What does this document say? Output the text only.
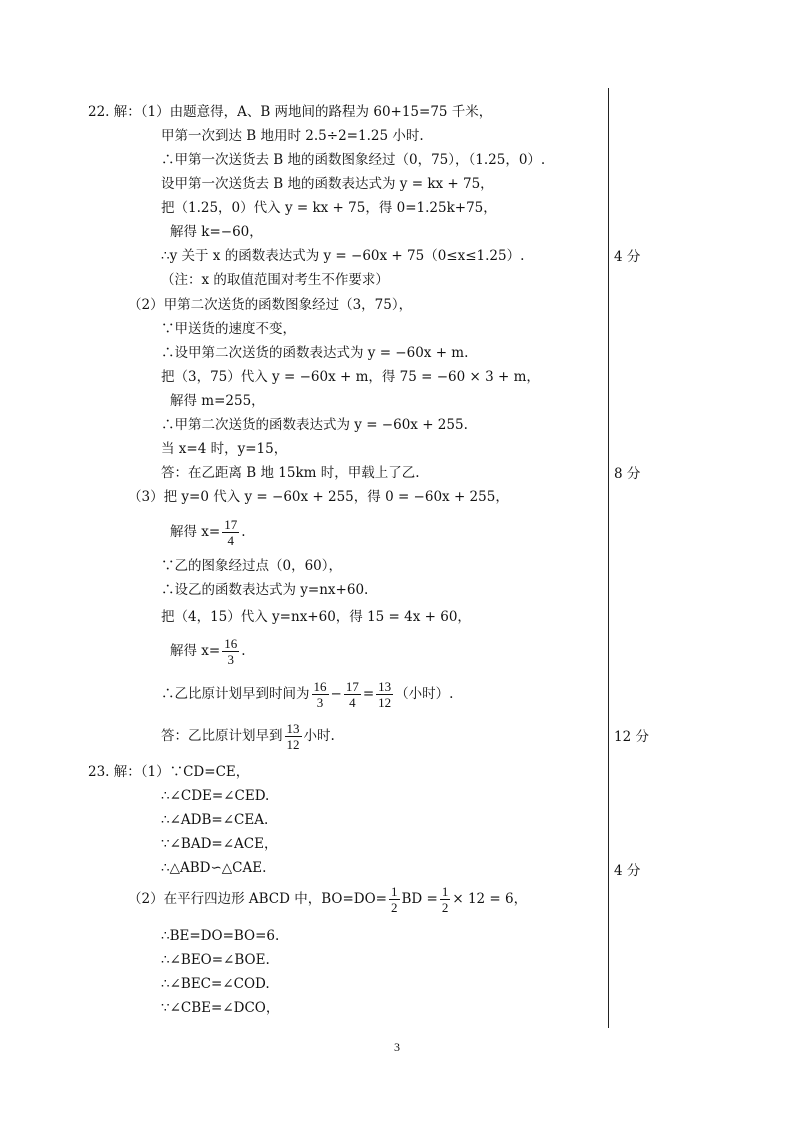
22. 解：（1）由题意得，A、B 两地间的路程为 60+15=75 千米，
甲第一次到达 B 地用时 2.5÷2=1.25 小时.
∴甲第一次送货去 B 地的函数图象经过（0，75），（1.25，0）.
设甲第一次送货去 B 地的函数表达式为 y = kx + 75，
把（1.25，0）代入 y = kx + 75，得 0=1.25k+75，
解得 k=−60，
∴y 关于 x 的函数表达式为 y = −60x + 75（0≤x≤1.25）.
（注：x 的取值范围对考生不作要求）
（2）甲第二次送货的函数图象经过（3，75），
∵甲送货的速度不变，
∴设甲第二次送货的函数表达式为 y = −60x + m.
把（3，75）代入 y = −60x + m，得 75 = −60 × 3 + m，
解得 m=255，
∴甲第二次送货的函数表达式为 y = −60x + 255.
当 x=4 时，y=15，
答：在乙距离 B 地 15km 时，甲载上了乙.
（3）把 y=0 代入 y = −60x + 255，得 0 = −60x + 255，
解得 $x= \frac{17}{4}$ .
∵乙的图象经过点（0，60），
∴设乙的函数表达式为 y=nx+60.
把（4，15）代入 y=nx+60，得 15 = 4x + 60，
解得 $x= \frac{16}{3}$ .
∴乙比原计划早到时间为 $\frac{16}{3} - \frac{17}{4} = \frac{13}{12}$ （小时）.
答：乙比原计划早到 $\frac{13}{12}$ 小时.
23. 解：（1）∵CD=CE，
∴∠CDE=∠CED.
∴∠ADB=∠CEA.
∵∠BAD=∠ACE，
∴△ABD∽△CAE.
（2）在平行四边形 ABCD 中，$BO=DO= \frac{1}{2}$ BD = $\frac{1}{2} \times 12 = 6$，
∴BE=DO=BO=6.
∴∠BEO=∠BOE.
∴∠BEC=∠COD.
∵∠CBE=∠DCO，
4 分
8 分
12 分
4 分
3
